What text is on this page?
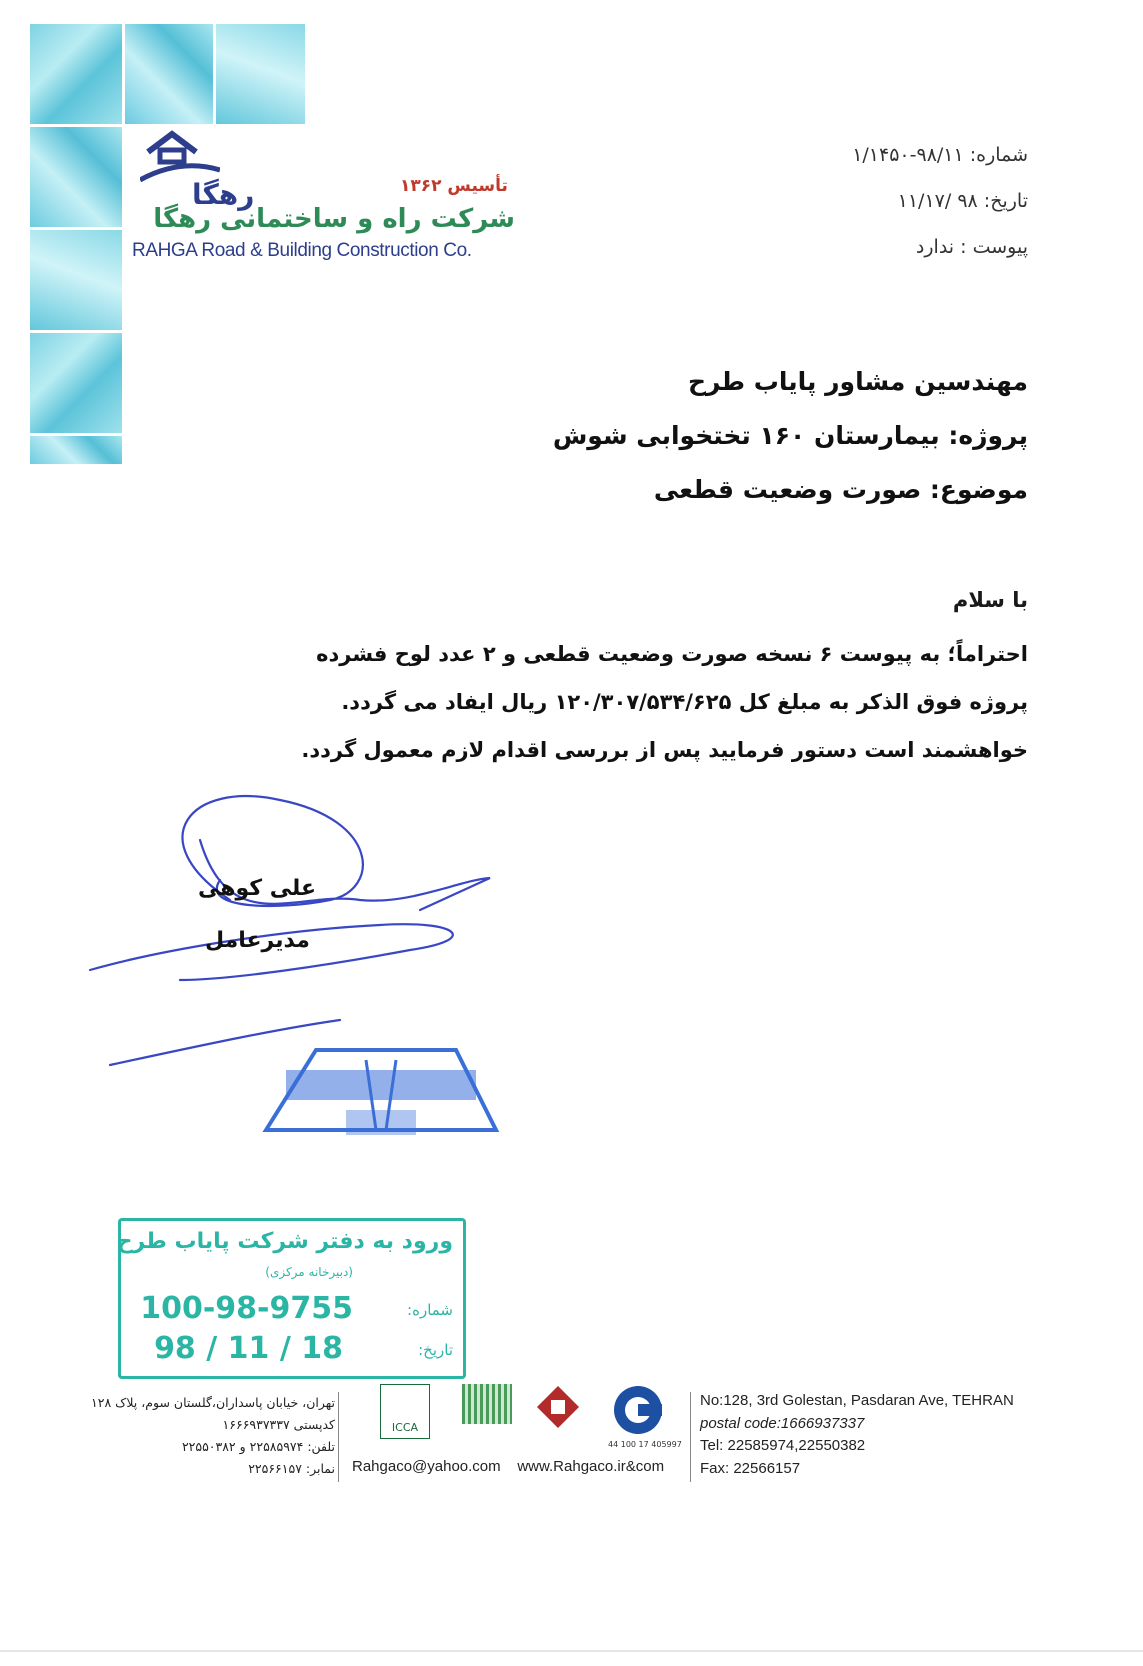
رهگا	تأسیس ۱۳۶۲
شرکت راه و ساختمانی رهگا
RAHGA Road & Building Construction Co.
شماره: ۹۸/۱۱-۱/۱۴۵۰
تاریخ: ۹۸ /۱۱/۱۷
پیوست : ندارد
مهندسین مشاور پایاب طرح
پروژه: بیمارستان ۱۶۰ تختخوابی شوش
موضوع: صورت وضعیت قطعی
با سلام

احتراماً؛ به پیوست ۶ نسخه صورت وضعیت قطعی و ۲ عدد لوح فشرده

پروژه فوق الذکر به مبلغ کل ۱۲۰/۳۰۷/۵۳۴/۶۲۵ ریال ایفاد می گردد.

خواهشمند است دستور فرمایید پس از بررسی اقدام لازم معمول گردد.

علی کوهی
مدیرعامل
ورود به دفتر شرکت پایاب طرح
(دبیرخانه مرکزی)
شماره:
تاریخ:
100-98-9755
98 / 11 / 18
تهران، خیابان پاسداران،گلستان سوم، پلاک ۱۲۸
کدپستی ۱۶۶۶۹۳۷۳۳۷
تلفن: ۲۲۵۸۵۹۷۴ و ۲۲۵۵۰۳۸۲
نمابر: ۲۲۵۶۶۱۵۷
ICCA
44 100 17 405997
Rahgaco@yahoo.com www.Rahgaco.ir&com
No:128, 3rd Golestan, Pasdaran Ave, TEHRAN
postal code:1666937337
Tel: 22585974,22550382
Fax: 22566157
